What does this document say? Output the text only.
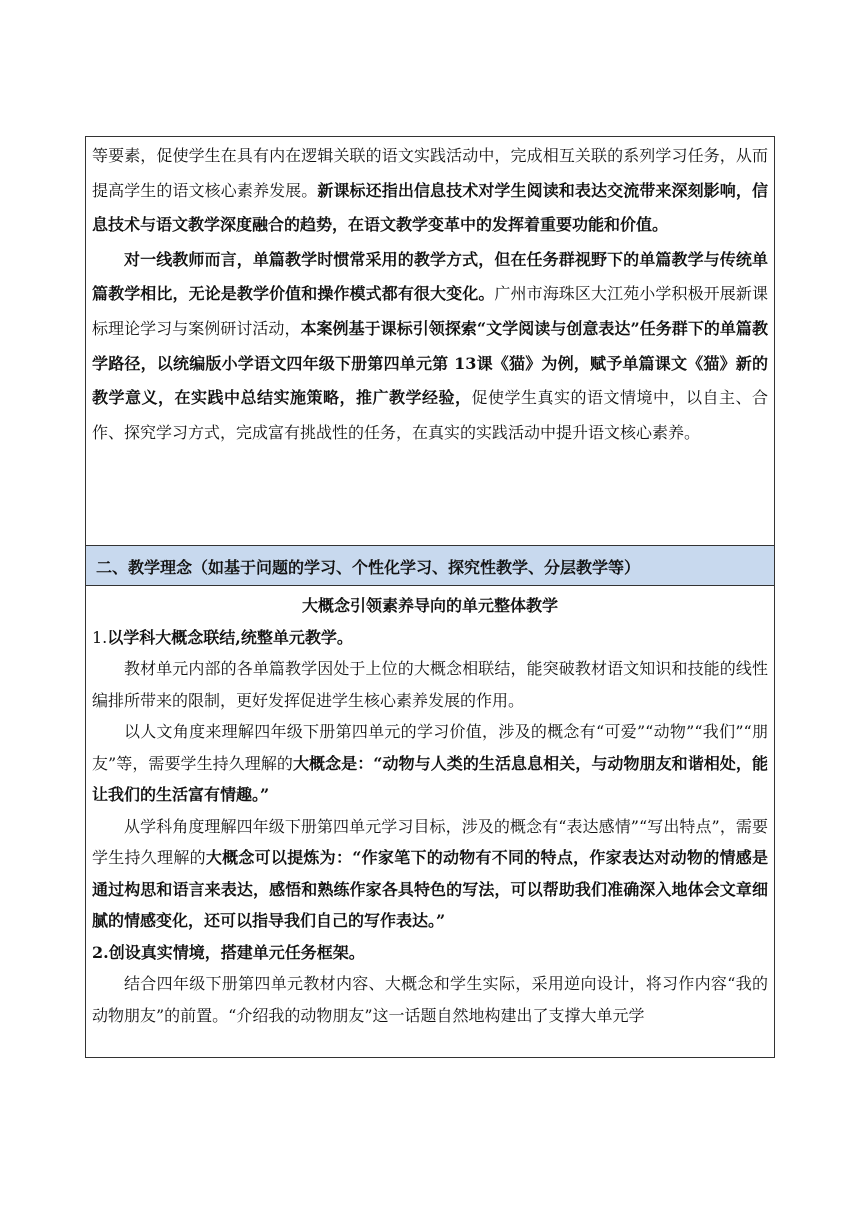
等要素，促使学生在具有内在逻辑关联的语文实践活动中，完成相互关联的系列学习任务，从而提高学生的语文核心素养发展。新课标还指出信息技术对学生阅读和表达交流带来深刻影响，信息技术与语文教学深度融合的趋势，在语文教学变革中的发挥着重要功能和价值。

对一线教师而言，单篇教学时惯常采用的教学方式，但在任务群视野下的单篇教学与传统单篇教学相比，无论是教学价值和操作模式都有很大变化。广州市海珠区大江苑小学积极开展新课标理论学习与案例研讨活动，本案例基于课标引领探索“文学阅读与创意表达”任务群下的单篇教学路径，以统编版小学语文四年级下册第四单元第 13课《猫》为例，赋予单篇课文《猫》新的教学意义，在实践中总结实施策略，推广教学经验，促使学生真实的语文情境中，以自主、合作、探究学习方式，完成富有挑战性的任务，在真实的实践活动中提升语文核心素养。

二、教学理念（如基于问题的学习、个性化学习、探究性教学、分层教学等）

大概念引领素养导向的单元整体教学

1.以学科大概念联结,统整单元教学。

教材单元内部的各单篇教学因处于上位的大概念相联结，能突破教材语文知识和技能的线性编排所带来的限制，更好发挥促进学生核心素养发展的作用。

以人文角度来理解四年级下册第四单元的学习价值，涉及的概念有“可爱”“动物”“我们”“朋友”等，需要学生持久理解的大概念是：“动物与人类的生活息息相关，与动物朋友和谐相处，能让我们的生活富有情趣。”

从学科角度理解四年级下册第四单元学习目标，涉及的概念有“表达感情”“写出特点”，需要学生持久理解的大概念可以提炼为：“作家笔下的动物有不同的特点，作家表达对动物的情感是通过构思和语言来表达，感悟和熟练作家各具特色的写法，可以帮助我们准确深入地体会文章细腻的情感变化，还可以指导我们自己的写作表达。”

2.创设真实情境，搭建单元任务框架。

结合四年级下册第四单元教材内容、大概念和学生实际，采用逆向设计，将习作内容“我的动物朋友”的前置。“介绍我的动物朋友”这一话题自然地构建出了支撑大单元学
